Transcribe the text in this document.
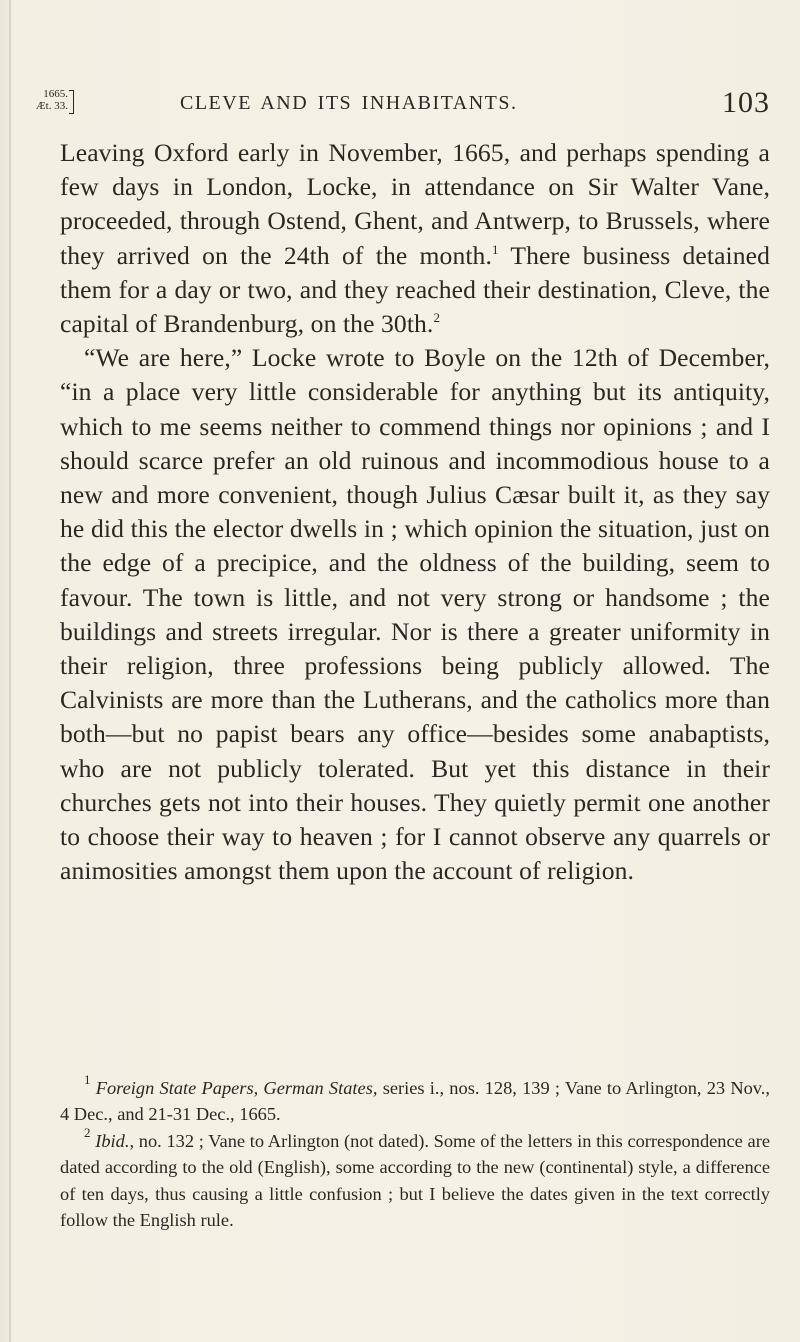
1665.
Æt. 33.	CLEVE AND ITS INHABITANTS.	103

Leaving Oxford early in November, 1665, and perhaps spending a few days in London, Locke, in attendance on Sir Walter Vane, proceeded, through Ostend, Ghent, and Antwerp, to Brussels, where they arrived on the 24th of the month.$^1$ There business detained them for a day or two, and they reached their destination, Cleve, the capital of Brandenburg, on the 30th.$^2$

“We are here,” Locke wrote to Boyle on the 12th of December, “in a place very little considerable for anything but its antiquity, which to me seems neither to commend things nor opinions ; and I should scarce prefer an old ruinous and incommodious house to a new and more convenient, though Julius Cæsar built it, as they say he did this the elector dwells in ; which opinion the situation, just on the edge of a precipice, and the oldness of the building, seem to favour. The town is little, and not very strong or handsome ; the buildings and streets irregular. Nor is there a greater uniformity in their religion, three professions being publicly allowed. The Calvinists are more than the Lutherans, and the catholics more than both—but no papist bears any office—besides some anabaptists, who are not publicly tolerated. But yet this distance in their churches gets not into their houses. They quietly permit one another to choose their way to heaven ; for I cannot observe any quarrels or animosities amongst them upon the account of religion.

$^1$ Foreign State Papers, German States, series i., nos. 128, 139 ; Vane to Arlington, 23 Nov., 4 Dec., and 21-31 Dec., 1665.

$^2$ Ibid., no. 132 ; Vane to Arlington (not dated). Some of the letters in this correspondence are dated according to the old (English), some according to the new (continental) style, a difference of ten days, thus causing a little confusion ; but I believe the dates given in the text correctly follow the English rule.
